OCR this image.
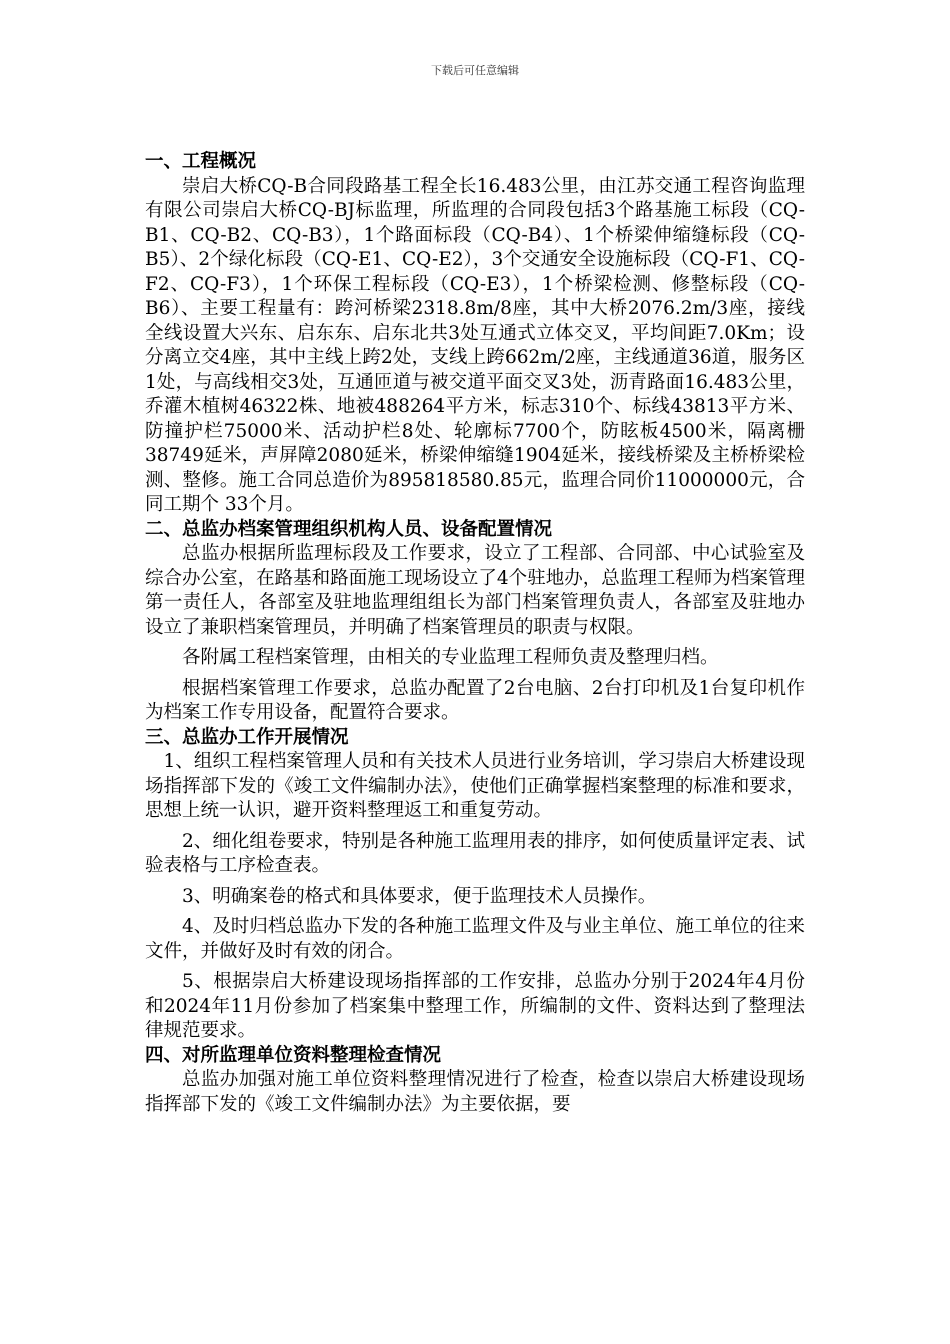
下载后可任意编辑
一、工程概况

崇启大桥CQ-B合同段路基工程全长16.483公里，由江苏交通工程咨询监理有限公司崇启大桥CQ-BJ标监理，所监理的合同段包括3个路基施工标段（CQ-B1、CQ-B2、CQ-B3），1个路面标段（CQ-B4）、1个桥梁伸缩缝标段（CQ-B5）、2个绿化标段（CQ-E1、CQ-E2），3个交通安全设施标段（CQ-F1、CQ-F2、CQ-F3），1个环保工程标段（CQ-E3），1个桥梁检测、修整标段（CQ-B6）、主要工程量有：跨河桥梁2318.8m/8座，其中大桥2076.2m/3座，接线全线设置大兴东、启东东、启东北共3处互通式立体交叉，平均间距7.0Km；设分离立交4座，其中主线上跨2处，支线上跨662m/2座，主线通道36道，服务区1处，与高线相交3处，互通匝道与被交道平面交叉3处，沥青路面16.483公里，乔灌木植树46322株、地被488264平方米，标志310个、标线43813平方米、防撞护栏75000米、活动护栏8处、轮廓标7700个，防眩板4500米，隔离栅38749延米，声屏障2080延米，桥梁伸缩缝1904延米，接线桥梁及主桥桥梁检测、整修。施工合同总造价为895818580.85元，监理合同价11000000元，合同工期个 33个月。

二、总监办档案管理组织机构人员、设备配置情况

总监办根据所监理标段及工作要求，设立了工程部、合同部、中心试验室及综合办公室，在路基和路面施工现场设立了4个驻地办，总监理工程师为档案管理第一责任人，各部室及驻地监理组组长为部门档案管理负责人，各部室及驻地办设立了兼职档案管理员，并明确了档案管理员的职责与权限。

各附属工程档案管理，由相关的专业监理工程师负责及整理归档。

根据档案管理工作要求，总监办配置了2台电脑、2台打印机及1台复印机作为档案工作专用设备，配置符合要求。

三、总监办工作开展情况

1、组织工程档案管理人员和有关技术人员进行业务培训，学习崇启大桥建设现场指挥部下发的《竣工文件编制办法》，使他们正确掌握档案整理的标准和要求，思想上统一认识，避开资料整理返工和重复劳动。

2、细化组卷要求，特别是各种施工监理用表的排序，如何使质量评定表、试验表格与工序检查表。

3、明确案卷的格式和具体要求，便于监理技术人员操作。

4、及时归档总监办下发的各种施工监理文件及与业主单位、施工单位的往来文件，并做好及时有效的闭合。

5、根据崇启大桥建设现场指挥部的工作安排，总监办分别于2024年4月份和2024年11月份参加了档案集中整理工作，所编制的文件、资料达到了整理法律规范要求。

四、对所监理单位资料整理检查情况

总监办加强对施工单位资料整理情况进行了检查，检查以崇启大桥建设现场指挥部下发的《竣工文件编制办法》为主要依据，要
